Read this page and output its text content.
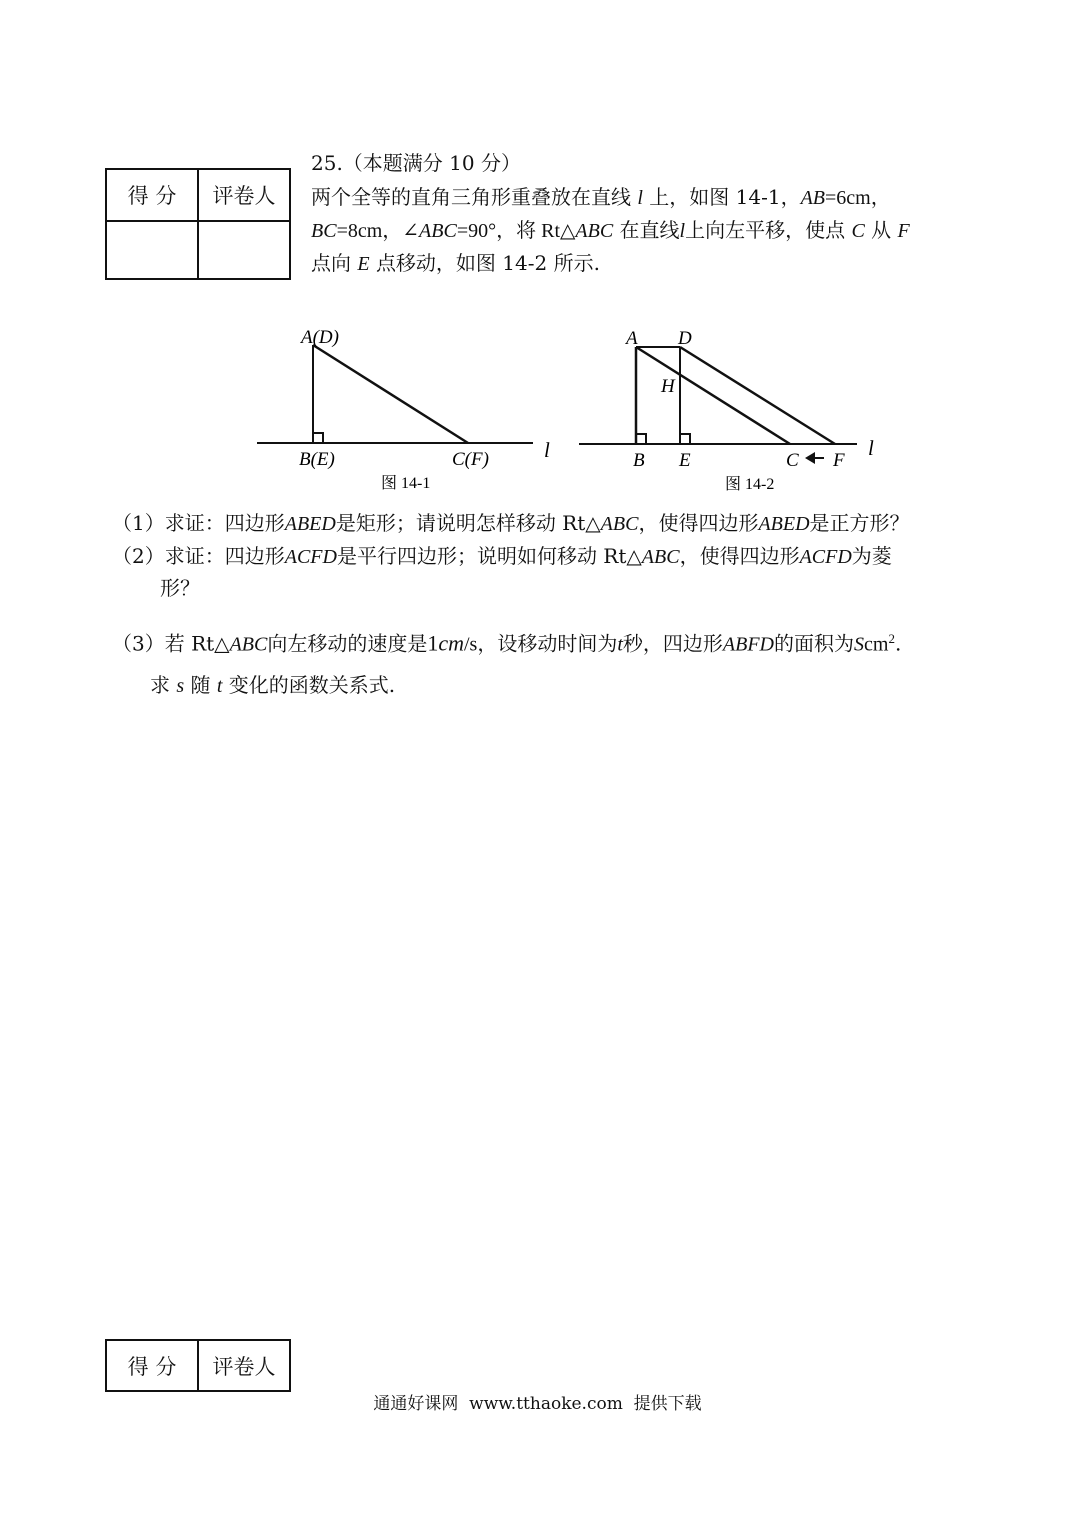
得 分	评卷人

25.（本题满分 10 分）
两个全等的直角三角形重叠放在直线 l 上，如图 14-1，AB=6cm，
BC=8cm，∠ABC=90°，将 Rt△ABC 在直线l上向左平移，使点 C 从 F
点向 E 点移动，如图 14-2 所示.
A(D)
B(E)	C(F)	l
图 14-1
A D
H
B E	C F
l
图 14-2
（1）求证：四边形ABED是矩形；请说明怎样移动 Rt△ABC，使得四边形ABED是正方形？
（2）求证：四边形ACFD是平行四边形；说明如何移动 Rt△ABC，使得四边形ACFD为菱
形？
（3）若 Rt△ABC向左移动的速度是1cm/s，设移动时间为t秒，四边形ABFD的面积为Scm$^2$.
求 s 随 t 变化的函数关系式.
得 分	评卷人
通通好课网  www.tthaoke.com  提供下载
